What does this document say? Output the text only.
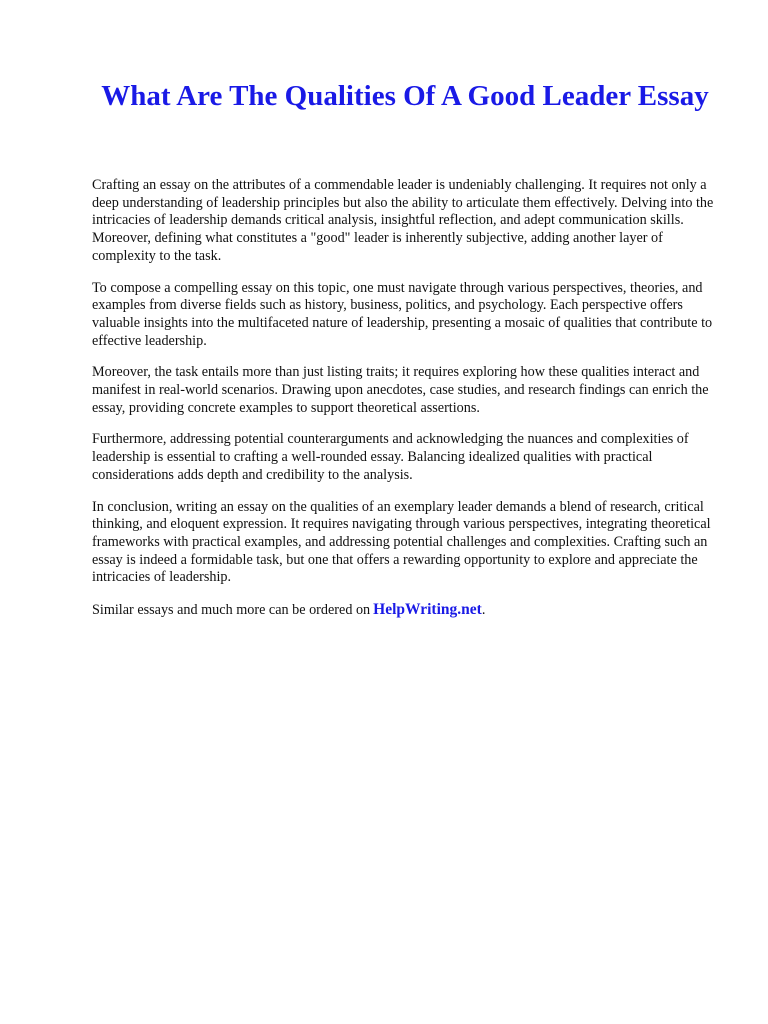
What Are The Qualities Of A Good Leader Essay

Crafting an essay on the attributes of a commendable leader is undeniably challenging. It requires not only a deep understanding of leadership principles but also the ability to articulate them effectively. Delving into the intricacies of leadership demands critical analysis, insightful reflection, and adept communication skills. Moreover, defining what constitutes a "good" leader is inherently subjective, adding another layer of complexity to the task.

To compose a compelling essay on this topic, one must navigate through various perspectives, theories, and examples from diverse fields such as history, business, politics, and psychology. Each perspective offers valuable insights into the multifaceted nature of leadership, presenting a mosaic of qualities that contribute to effective leadership.

Moreover, the task entails more than just listing traits; it requires exploring how these qualities interact and manifest in real-world scenarios. Drawing upon anecdotes, case studies, and research findings can enrich the essay, providing concrete examples to support theoretical assertions.

Furthermore, addressing potential counterarguments and acknowledging the nuances and complexities of leadership is essential to crafting a well-rounded essay. Balancing idealized qualities with practical considerations adds depth and credibility to the analysis.

In conclusion, writing an essay on the qualities of an exemplary leader demands a blend of research, critical thinking, and eloquent expression. It requires navigating through various perspectives, integrating theoretical frameworks with practical examples, and addressing potential challenges and complexities. Crafting such an essay is indeed a formidable task, but one that offers a rewarding opportunity to explore and appreciate the intricacies of leadership.

Similar essays and much more can be ordered on HelpWriting.net.
